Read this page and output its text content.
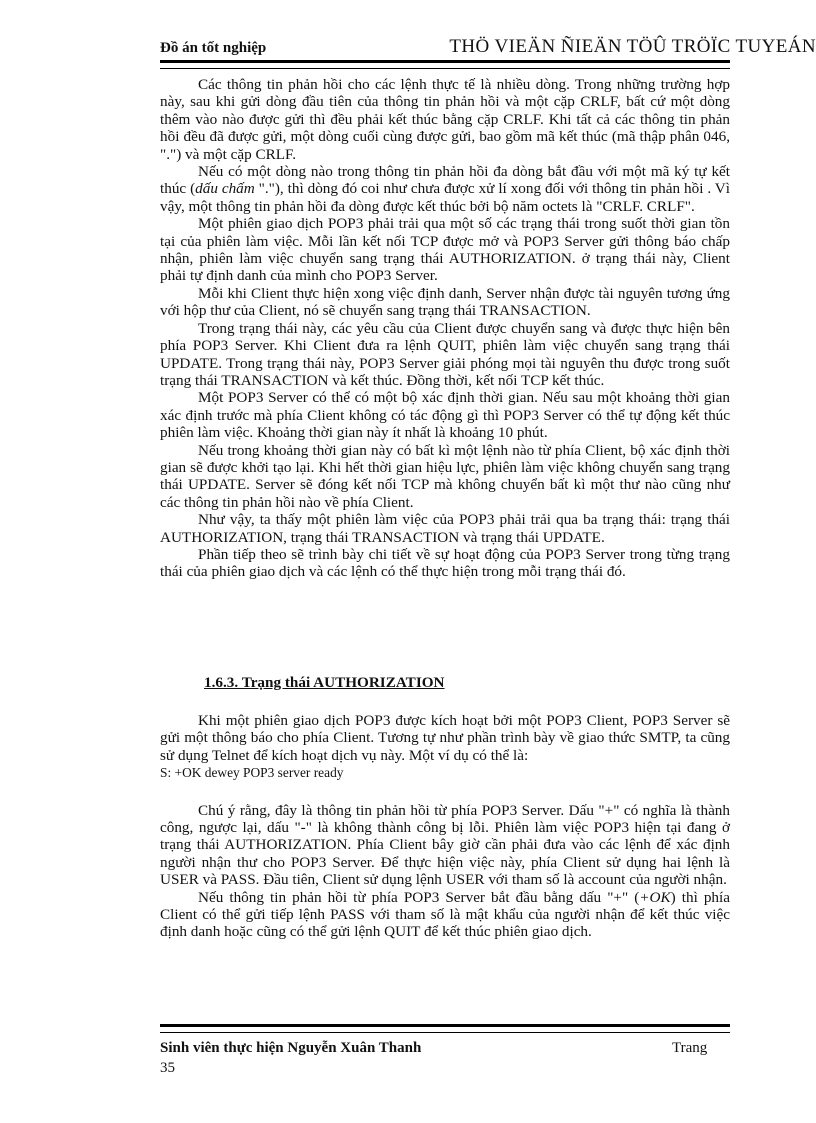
Đồ án tốt nghiệp	THÖ VIEÄN ÑIEÄN TÖÛ TRÖÏC TUYEÁN

Các thông tin phản hồi cho các lệnh thực tế là nhiều dòng. Trong những trường hợp này, sau khi gửi dòng đầu tiên của thông tin phản hồi và một cặp CRLF, bất cứ một dòng thêm vào nào được gửi thì đều phải kết thúc bằng cặp CRLF. Khi tất cả các thông tin phản hồi đều đã được gửi, một dòng cuối cùng được gửi, bao gồm mã kết thúc (mã thập phân 046, ".") và một cặp CRLF.

Nếu có một dòng nào trong thông tin phản hồi đa dòng bắt đầu với một mã ký tự kết thúc (dấu chấm "."), thì dòng đó coi như chưa được xử lí xong đối với thông tin phản hồi . Vì vậy, một thông tin phản hồi đa dòng được kết thúc bởi bộ năm octets là "CRLF. CRLF".

Một phiên giao dịch POP3 phải trải qua một số các trạng thái trong suốt thời gian tồn tại của phiên làm việc. Mỗi lần kết nối TCP được mở và POP3 Server gửi thông báo chấp nhận, phiên làm việc chuyển sang trạng thái AUTHORIZATION. ở trạng thái này, Client phải tự định danh của mình cho POP3 Server.

Mỗi khi Client thực hiện xong việc định danh, Server nhận được tài nguyên tương ứng với hộp thư của Client, nó sẽ chuyển sang trạng thái TRANSACTION.

Trong trạng thái này, các yêu cầu của Client được chuyển sang và được thực hiện bên phía POP3 Server. Khi Client đưa ra lệnh QUIT, phiên làm việc chuyển sang trạng thái UPDATE. Trong trạng thái này, POP3 Server giải phóng mọi tài nguyên thu được trong suốt trạng thái TRANSACTION và kết thúc. Đồng thời, kết nối TCP kết thúc.

Một POP3 Server có thể có một bộ xác định thời gian. Nếu sau một khoảng thời gian xác định trước mà phía Client không có tác động gì thì POP3 Server có thể tự động kết thúc phiên làm việc. Khoảng thời gian này ít nhất là khoảng 10 phút.

Nếu trong khoảng thời gian này có bất kì một lệnh nào từ phía Client, bộ xác định thời gian sẽ được khởi tạo lại. Khi hết thời gian hiệu lực, phiên làm việc không chuyển sang trạng thái UPDATE. Server sẽ đóng kết nối TCP mà không chuyển bất kì một thư nào cũng như các thông tin phản hồi nào về phía Client.

Như vậy, ta thấy một phiên làm việc của POP3 phải trải qua ba trạng thái: trạng thái AUTHORIZATION, trạng thái TRANSACTION và trạng thái UPDATE.

Phần tiếp theo sẽ trình bày chi tiết về sự hoạt động của POP3 Server trong từng trạng thái của phiên giao dịch và các lệnh có thể thực hiện trong mỗi trạng thái đó.

1.6.3. Trạng thái AUTHORIZATION

Khi một phiên giao dịch POP3 được kích hoạt bởi một POP3 Client, POP3 Server sẽ gửi một thông báo cho phía Client. Tương tự như phần trình bày về giao thức SMTP, ta cũng sử dụng Telnet để kích hoạt dịch vụ này. Một ví dụ có thể là:

S: +OK dewey POP3 server ready

Chú ý rằng, đây là thông tin phản hồi từ phía POP3 Server. Dấu "+" có nghĩa là thành công, ngược lại, dấu "-" là không thành công bị lỗi. Phiên làm việc POP3 hiện tại đang ở trạng thái AUTHORIZATION. Phía Client bây giờ cần phải đưa vào các lệnh để xác định người nhận thư cho POP3 Server. Để thực hiện việc này, phía Client sử dụng hai lệnh là USER và PASS. Đầu tiên, Client sử dụng lệnh USER với tham số là account của người nhận.

Nếu thông tin phản hồi từ phía POP3 Server bắt đầu bằng dấu "+" (+OK) thì phía Client có thể gửi tiếp lệnh PASS với tham số là mật khẩu của người nhận để kết thúc việc định danh hoặc cũng có thể gửi lệnh QUIT để kết thúc phiên giao dịch.

Sinh viên thực hiện Nguyễn Xuân Thanh	Trang
35
